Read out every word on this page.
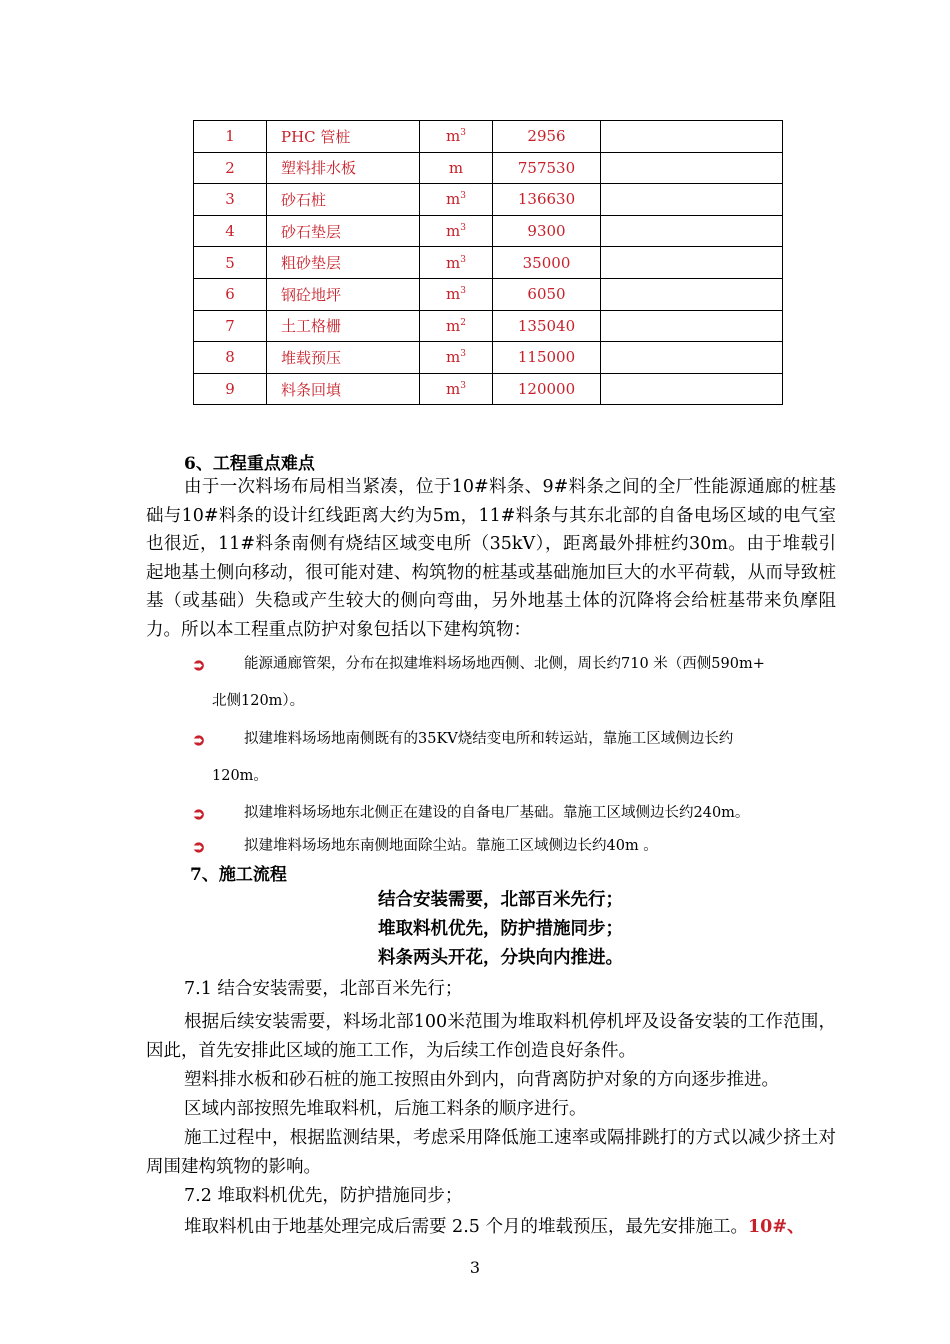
1	PHC 管桩	$m^3$	2956	
2	塑料排水板	m	757530	
3	砂石桩	$m^3$	136630	
4	砂石垫层	$m^3$	9300	
5	粗砂垫层	$m^3$	35000	
6	钢砼地坪	$m^3$	6050	
7	土工格栅	$m^2$	135040	
8	堆载预压	$m^3$	115000	
9	料条回填	$m^3$	120000	
6、工程重点难点
由于一次料场布局相当紧凑，位于10#料条、9#料条之间的全厂性能源通廊的桩基础与10#料条的设计红线距离大约为5m，11#料条与其东北部的自备电场区域的电气室也很近，11#料条南侧有烧结区域变电所（35kV），距离最外排桩约30m。由于堆载引起地基土侧向移动，很可能对建、构筑物的桩基或基础施加巨大的水平荷载，从而导致桩基（或基础）失稳或产生较大的侧向弯曲，另外地基土体的沉降将会给桩基带来负摩阻力。所以本工程重点防护对象包括以下建构筑物：
➲	能源通廊管架，分布在拟建堆料场场地西侧、北侧，周长约710 米（西侧590m+
北侧120m）。
➲	拟建堆料场场地南侧既有的35KV烧结变电所和转运站，靠施工区域侧边长约
120m。
➲	拟建堆料场场地东北侧正在建设的自备电厂基础。靠施工区域侧边长约240m。
➲	拟建堆料场场地东南侧地面除尘站。靠施工区域侧边长约40m 。
7、施工流程
结合安装需要，北部百米先行；
堆取料机优先，防护措施同步；
料条两头开花，分块向内推进。
7.1 结合安装需要，北部百米先行；
根据后续安装需要，料场北部100米范围为堆取料机停机坪及设备安装的工作范围，因此，首先安排此区域的施工工作，为后续工作创造良好条件。
塑料排水板和砂石桩的施工按照由外到内，向背离防护对象的方向逐步推进。
区域内部按照先堆取料机，后施工料条的顺序进行。
施工过程中，根据监测结果，考虑采用降低施工速率或隔排跳打的方式以减少挤土对周围建构筑物的影响。
7.2 堆取料机优先，防护措施同步；
堆取料机由于地基处理完成后需要 2.5 个月的堆载预压，最先安排施工。10#、
3
